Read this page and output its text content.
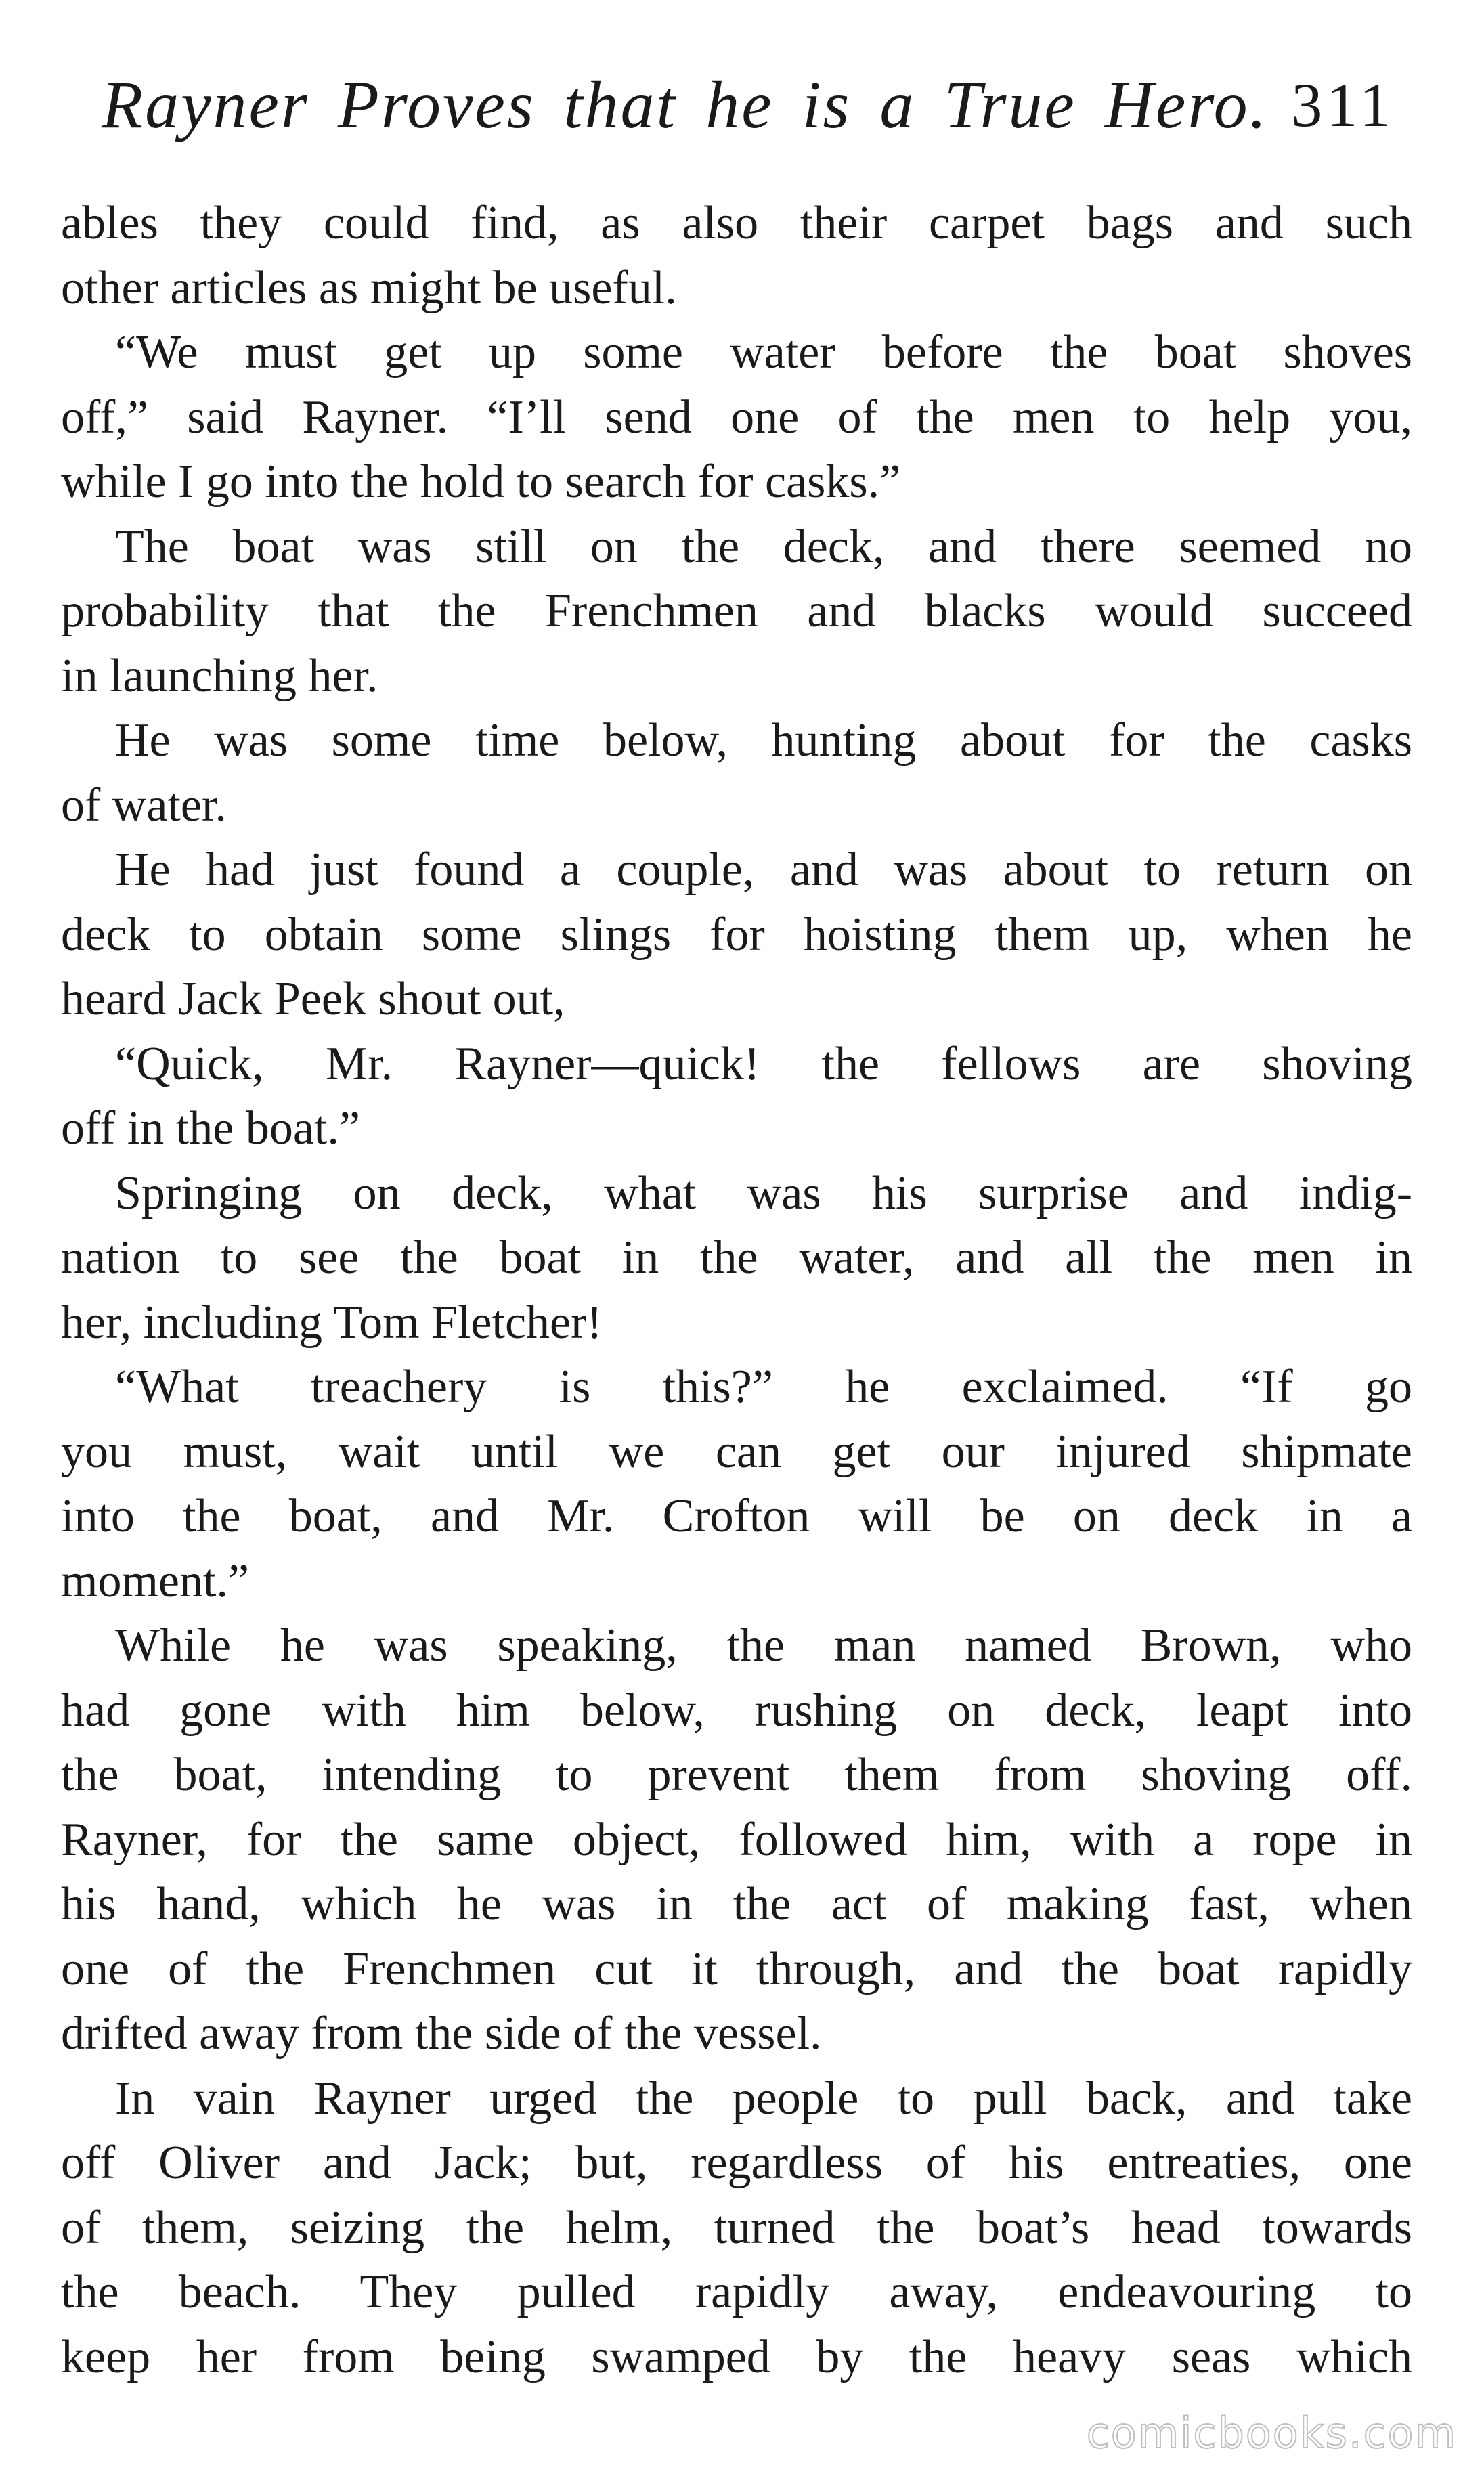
Rayner Proves that he is a True Hero. 311
ables they could find, as also their carpet bags and such
other articles as might be useful.
“We must get up some water before the boat shoves
off,” said Rayner. “I’ll send one of the men to help you,
while I go into the hold to search for casks.”
The boat was still on the deck, and there seemed no
probability that the Frenchmen and blacks would succeed
in launching her.
He was some time below, hunting about for the casks
of water.
He had just found a couple, and was about to return on
deck to obtain some slings for hoisting them up, when he
heard Jack Peek shout out,
“Quick, Mr. Rayner—quick! the fellows are shoving
off in the boat.”
Springing on deck, what was his surprise and indig-
nation to see the boat in the water, and all the men in
her, including Tom Fletcher!
“What treachery is this?” he exclaimed. “If go
you must, wait until we can get our injured shipmate
into the boat, and Mr. Crofton will be on deck in a
moment.”
While he was speaking, the man named Brown, who
had gone with him below, rushing on deck, leapt into
the boat, intending to prevent them from shoving off.
Rayner, for the same object, followed him, with a rope in
his hand, which he was in the act of making fast, when
one of the Frenchmen cut it through, and the boat rapidly
drifted away from the side of the vessel.
In vain Rayner urged the people to pull back, and take
off Oliver and Jack; but, regardless of his entreaties, one
of them, seizing the helm, turned the boat’s head towards
the beach. They pulled rapidly away, endeavouring to
keep her from being swamped by the heavy seas which
comicbooks.com
